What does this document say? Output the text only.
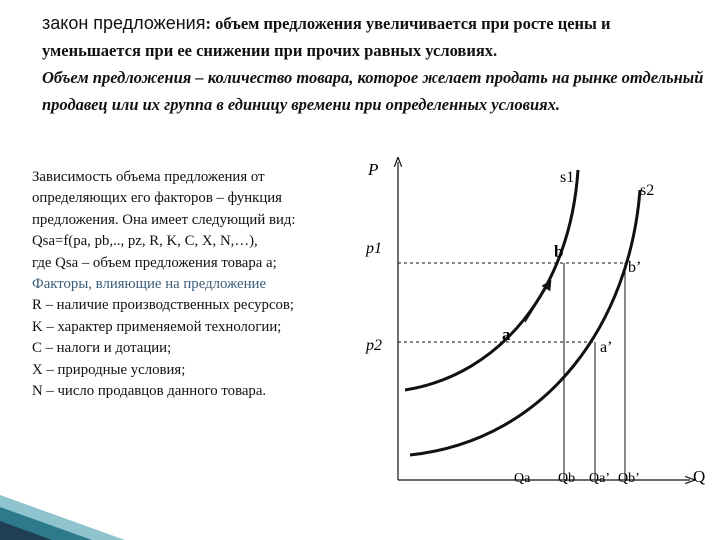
закон предложения: объем предложения увеличивается при росте цены и уменьшается при ее снижении при прочих равных условиях.
Объем предложения – количество товара, которое желает продать на рынке отдельный продавец или их группа в единицу времени при определенных условиях.
Зависимость объема предложения от определяющих его факторов – функция предложения. Она имеет следующий вид:
Qsa=f(pa, pb,.., pz, R, K, C, X, N,…),
где Qsa – объем предложения товара а;
Факторы, влияющие на предложение
R – наличие производственных ресурсов;
K – характер применяемой технологии;
C – налоги и дотации;
X – природные условия;
N – число продавцов данного товара.
P
Q
p1
p2
s1
s2
b
b’
a
a’
Qa Qb Qa’ Qb’
